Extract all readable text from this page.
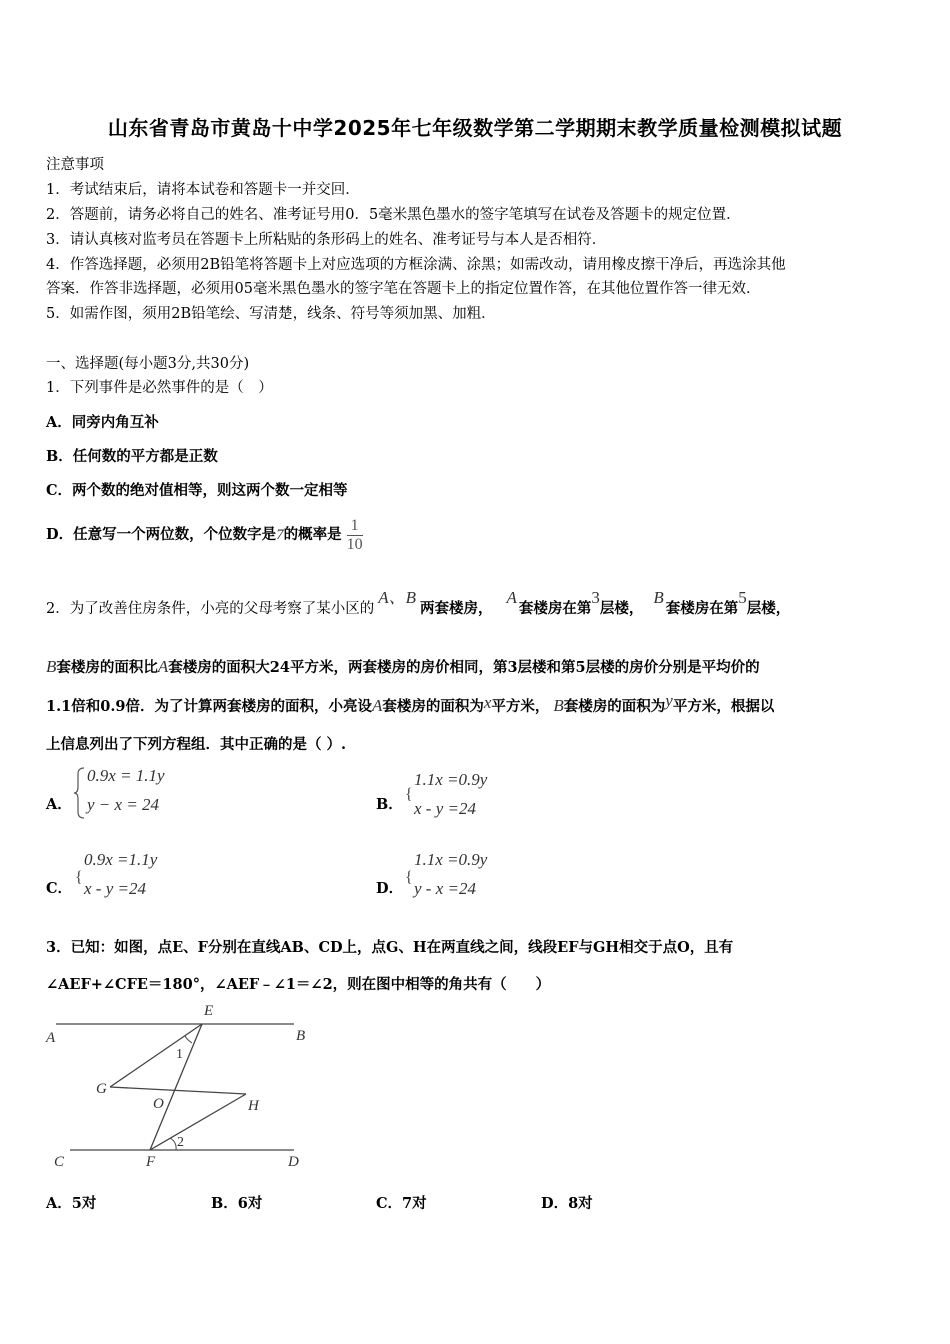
山东省青岛市黄岛十中学2025年七年级数学第二学期期末教学质量检测模拟试题
注意事项
1．考试结束后，请将本试卷和答题卡一并交回．
2．答题前，请务必将自己的姓名、准考证号用0．5毫米黑色墨水的签字笔填写在试卷及答题卡的规定位置．
3．请认真核对监考员在答题卡上所粘贴的条形码上的姓名、准考证号与本人是否相符．
4．作答选择题，必须用2B铅笔将答题卡上对应选项的方框涂满、涂黑；如需改动，请用橡皮擦干净后，再选涂其他
答案．作答非选择题，必须用05毫米黑色墨水的签字笔在答题卡上的指定位置作答，在其他位置作答一律无效．
5．如需作图，须用2B铅笔绘、写清楚，线条、符号等须加黑、加粗．
一、选择题(每小题3分,共30分)
1．下列事件是必然事件的是（　）
A．同旁内角互补
B．任何数的平方都是正数
C．两个数的绝对值相等，则这两个数一定相等
D．任意写一个两位数，个位数字是7的概率是 $\frac{1}{10}$
2．为了改善住房条件，小亮的父母考察了某小区的A、B两套楼房，A套楼房在第3层楼，B套楼房在第5层楼，
B套楼房的面积比A套楼房的面积大24平方米，两套楼房的房价相同，第3层楼和第5层楼的房价分别是平均价的
1.1倍和0.9倍．为了计算两套楼房的面积，小亮设A套楼房的面积为x平方米， B套楼房的面积为y平方米，根据以
上信息列出了下列方程组．其中正确的是（ ）.
A．
0.9x = 1.1y
y − x = 24	B．
{
1.1x =0.9y
x - y =24
C．
{
0.9x =1.1y
x - y =24	D．
{
1.1x =0.9y
y - x =24
3．已知：如图，点E、F分别在直线AB、CD上，点G、H在两直线之间，线段EF与GH相交于点O，且有
∠AEF+∠CFE＝180°，∠AEF﹣∠1＝∠2，则在图中相等的角共有（　　）
E
A	B
G
O	H
C	F	D
1
2
A．5对	B．6对	C．7对	D．8对
